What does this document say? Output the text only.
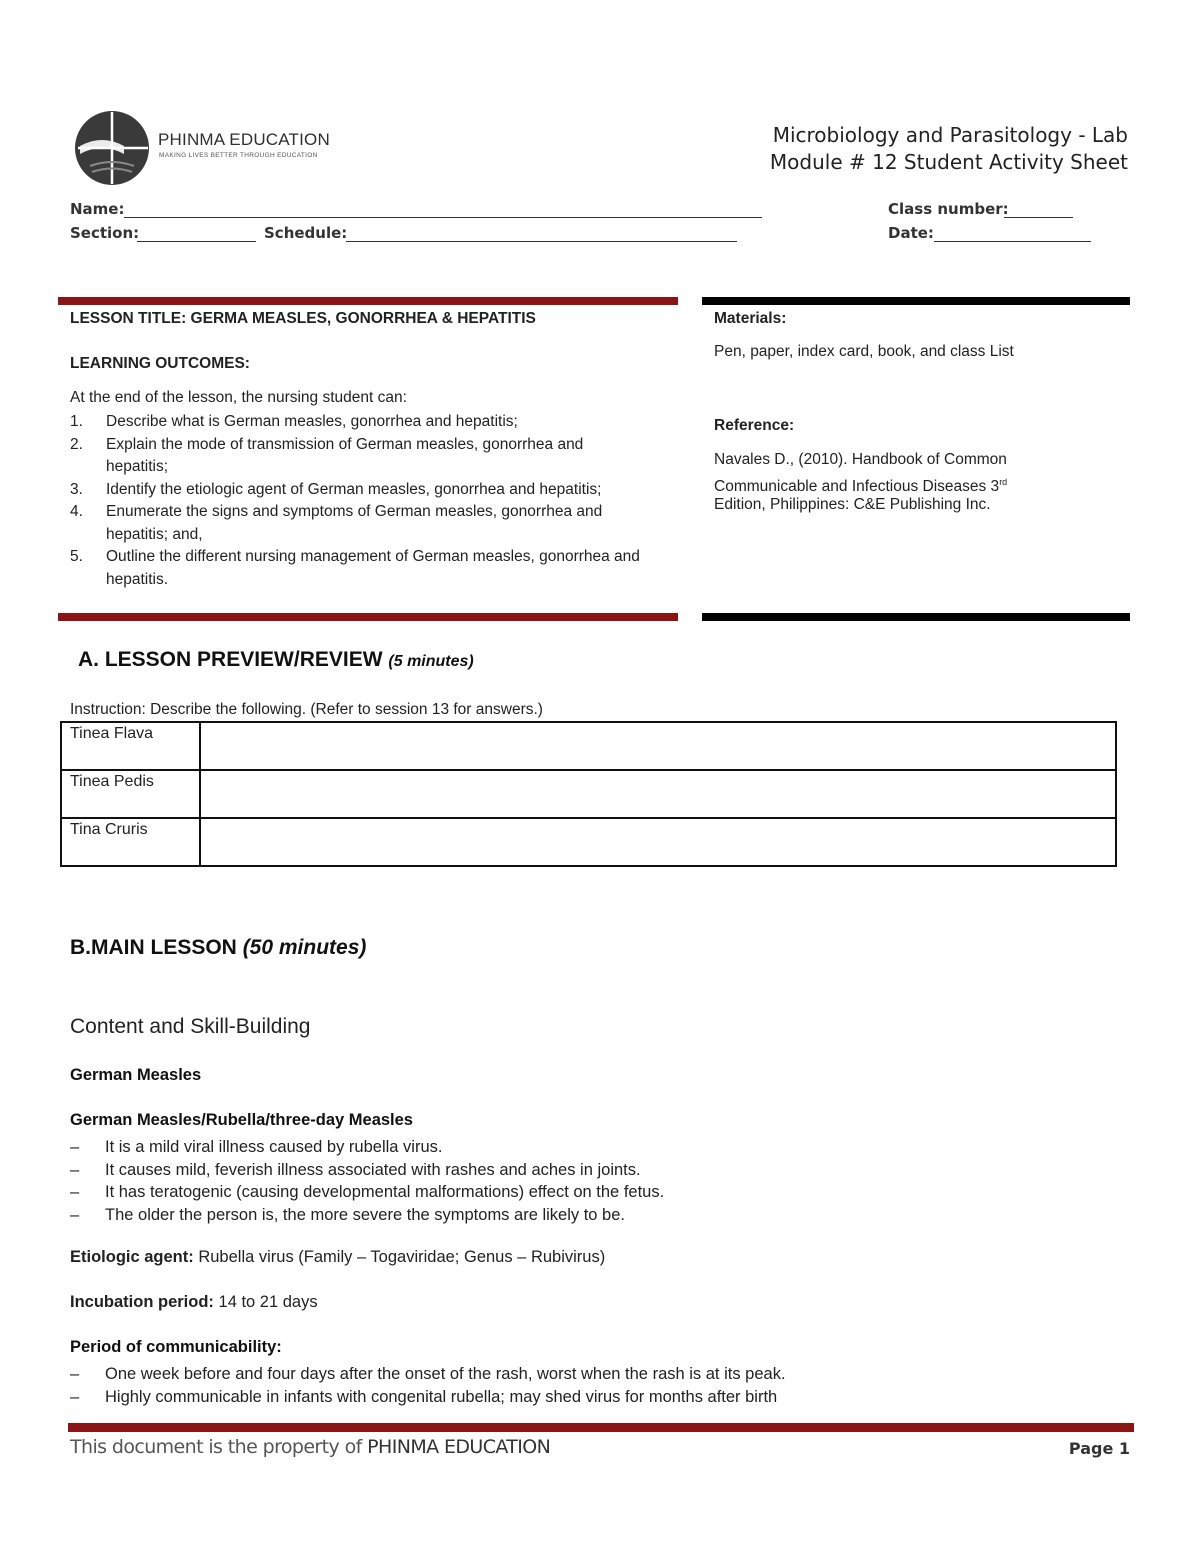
PHINMA EDUCATION
MAKING LIVES BETTER THROUGH EDUCATION
Microbiology and Parasitology - Lab
Module # 12 Student Activity Sheet
Name:	Class number:
Section:	Schedule:	Date:
LESSON TITLE: GERMA MEASLES, GONORRHEA & HEPATITIS
LEARNING OUTCOMES:
At the end of the lesson, the nursing student can:
1. Describe what is German measles, gonorrhea and hepatitis;
2. Explain the mode of transmission of German measles, gonorrhea and hepatitis;
3. Identify the etiologic agent of German measles, gonorrhea and hepatitis;
4. Enumerate the signs and symptoms of German measles, gonorrhea and hepatitis; and,
5. Outline the different nursing management of German measles, gonorrhea and hepatitis.
Materials:
Pen, paper, index card, book, and class List
Reference:
Navales D., (2010). Handbook of Common
Communicable and Infectious Diseases 3rd
Edition, Philippines: C&E Publishing Inc.
A. LESSON PREVIEW/REVIEW (5 minutes)
Instruction: Describe the following. (Refer to session 13 for answers.)
Tinea Flava	
Tinea Pedis	
Tina Cruris	
B.MAIN LESSON (50 minutes)
Content and Skill-Building
German Measles
German Measles/Rubella/three-day Measles
– It is a mild viral illness caused by rubella virus.
– It causes mild, feverish illness associated with rashes and aches in joints.
– It has teratogenic (causing developmental malformations) effect on the fetus.
– The older the person is, the more severe the symptoms are likely to be.
Etiologic agent: Rubella virus (Family – Togaviridae; Genus – Rubivirus)
Incubation period: 14 to 21 days
Period of communicability:
– One week before and four days after the onset of the rash, worst when the rash is at its peak.
– Highly communicable in infants with congenital rubella; may shed virus for months after birth
This document is the property of PHINMA EDUCATION	Page 1
